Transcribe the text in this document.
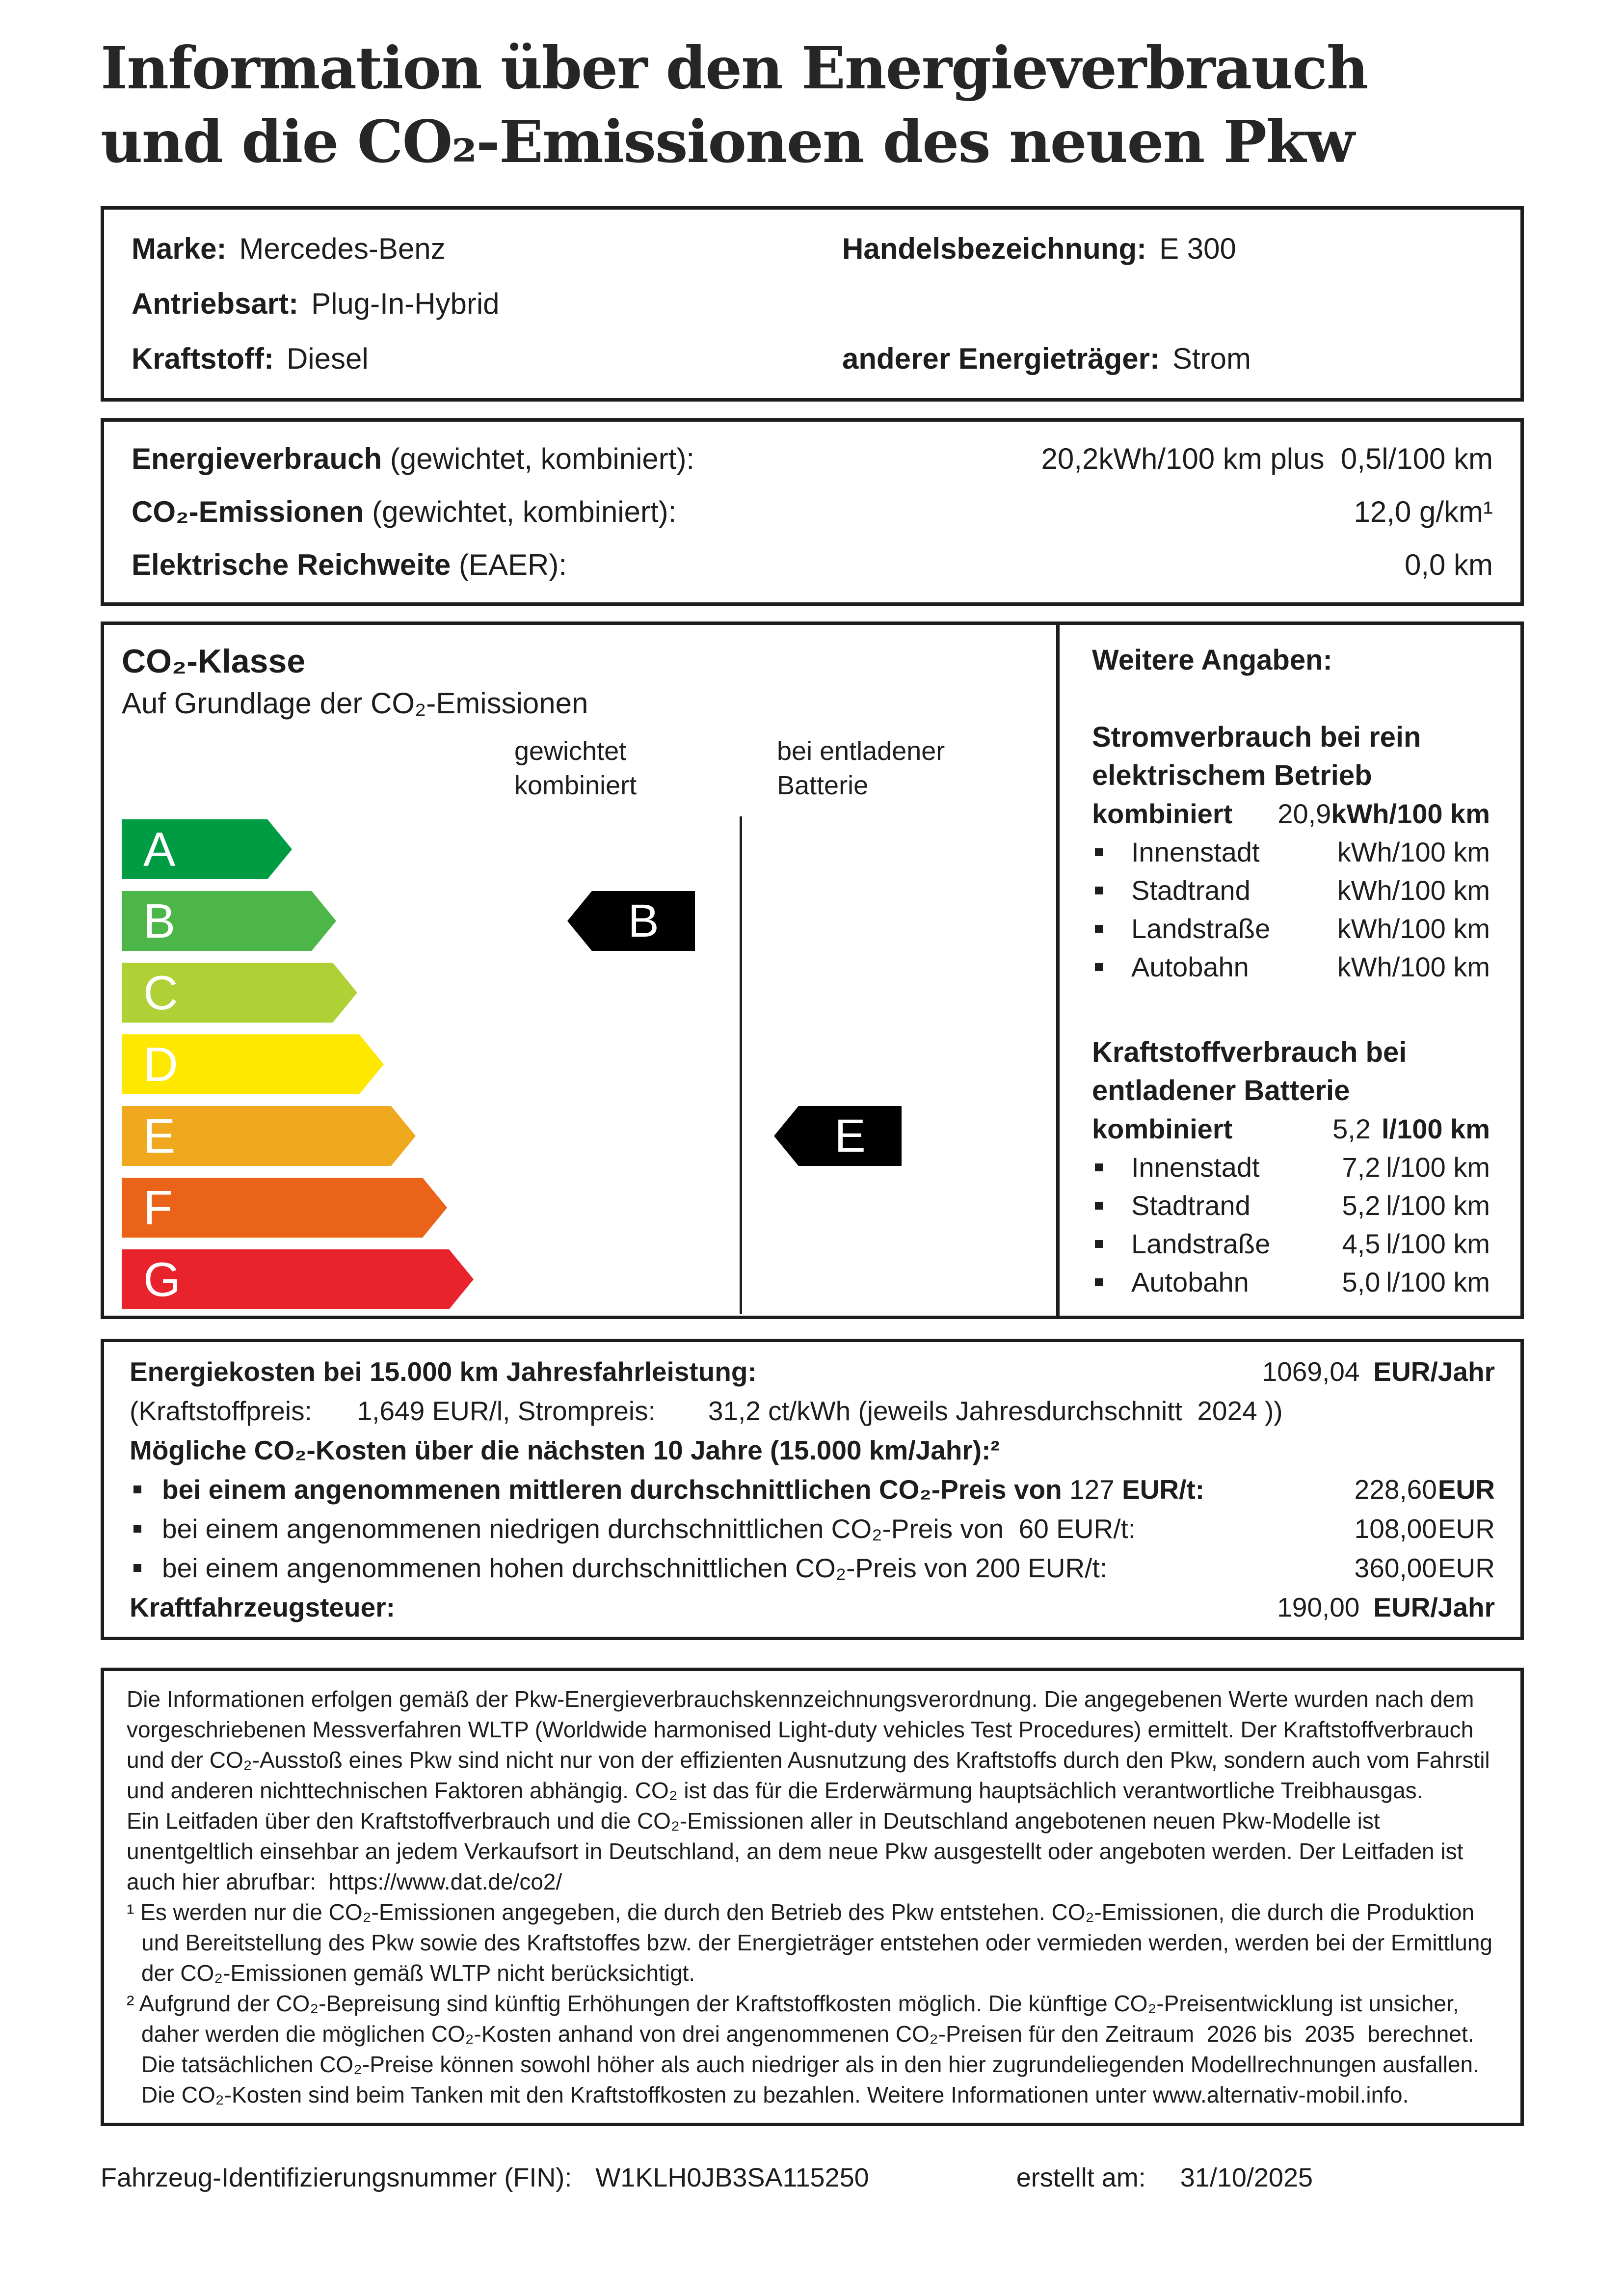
Information über den Energieverbrauch
und die CO₂-Emissionen des neuen Pkw
Marke: Mercedes-Benz	Handelsbezeichnung: E 300
Antriebsart: Plug-In-Hybrid
Kraftstoff: Diesel	anderer Energieträger: Strom
Energieverbrauch (gewichtet, kombiniert):	20,2kWh/100 km plus  0,5l/100 km
CO₂-Emissionen (gewichtet, kombiniert):	12,0 g/km¹
Elektrische Reichweite (EAER):	0,0 km
CO₂-Klasse
Auf Grundlage der CO₂-Emissionen
gewichtet
kombiniert
bei entladener
Batterie
A
B
C
D
E
F
G
B
E
Weitere Angaben:
Stromverbrauch bei rein
elektrischem Betrieb
kombiniert 20,9 kWh/100 km
Innenstadt	kWh/100 km
Stadtrand	kWh/100 km
Landstraße kWh/100 km
Autobahn	kWh/100 km
Kraftstoffverbrauch bei
entladener Batterie
kombiniert	5,2 l/100 km
Innenstadt	7,2 l/100 km
Stadtrand	5,2 l/100 km
Landstraße	4,5 l/100 km
Autobahn	5,0 l/100 km
Energiekosten bei 15.000 km Jahresfahrleistung:	1069,04 EUR/Jahr
(Kraftstoffpreis:      1,649 EUR/l, Strompreis:       31,2 ct/kWh (jeweils Jahresdurchschnitt  2024 ))
Mögliche CO₂-Kosten über die nächsten 10 Jahre (15.000 km/Jahr):²
bei einem angenommenen mittleren durchschnittlichen CO₂-Preis von 127 EUR/t:	228,60 EUR
bei einem angenommenen niedrigen durchschnittlichen CO₂-Preis von 60 EUR/t:	108,00 EUR
bei einem angenommenen hohen durchschnittlichen CO₂-Preis von 200 EUR/t:	360,00 EUR
Kraftfahrzeugsteuer:	190,00 EUR/Jahr

Die Informationen erfolgen gemäß der Pkw-Energieverbrauchskennzeichnungsverordnung. Die angegebenen Werte wurden nach dem vorgeschriebenen Messverfahren WLTP (Worldwide harmonised Light-duty vehicles Test Procedures) ermittelt. Der Kraftstoffverbrauch und der CO₂-Ausstoß eines Pkw sind nicht nur von der effizienten Ausnutzung des Kraftstoffs durch den Pkw, sondern auch vom Fahrstil und anderen nichttechnischen Faktoren abhängig. CO₂ ist das für die Erderwärmung hauptsächlich verantwortliche Treibhausgas.

Ein Leitfaden über den Kraftstoffverbrauch und die CO₂-Emissionen aller in Deutschland angebotenen neuen Pkw-Modelle ist unentgeltlich einsehbar an jedem Verkaufsort in Deutschland, an dem neue Pkw ausgestellt oder angeboten werden. Der Leitfaden ist auch hier abrufbar:  https://www.dat.de/co2/

¹ Es werden nur die CO₂-Emissionen angegeben, die durch den Betrieb des Pkw entstehen. CO₂-Emissionen, die durch die Produktion und Bereitstellung des Pkw sowie des Kraftstoffes bzw. der Energieträger entstehen oder vermieden werden, werden bei der Ermittlung der CO₂-Emissionen gemäß WLTP nicht berücksichtigt.

² Aufgrund der CO₂-Bepreisung sind künftig Erhöhungen der Kraftstoffkosten möglich. Die künftige CO₂-Preisentwicklung ist unsicher, daher werden die möglichen CO₂-Kosten anhand von drei angenommenen CO₂-Preisen für den Zeitraum  2026 bis  2035  berechnet. Die tatsächlichen CO₂-Preise können sowohl höher als auch niedriger als in den hier zugrundeliegenden Modellrechnungen ausfallen. Die CO₂-Kosten sind beim Tanken mit den Kraftstoffkosten zu bezahlen. Weitere Informationen unter www.alternativ-mobil.info.

Fahrzeug-Identifizierungsnummer (FIN): W1KLH0JB3SA115250	erstellt am: 31/10/2025
